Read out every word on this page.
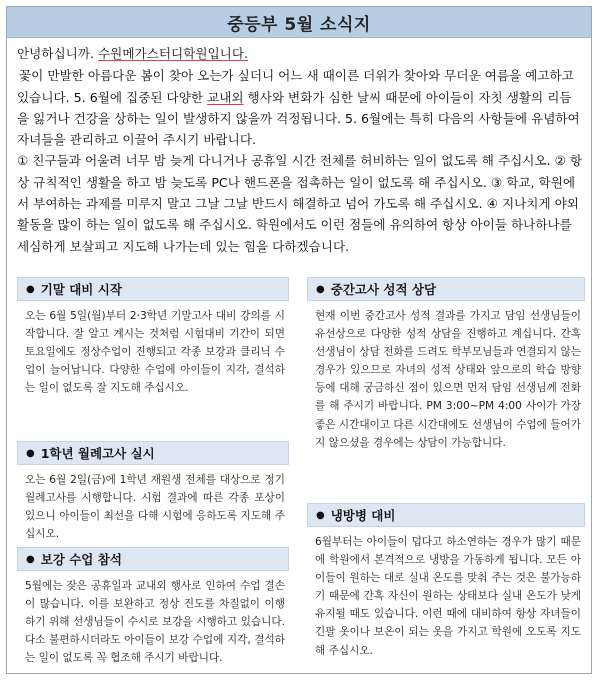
중등부 5월 소식지

안녕하십니까. 수원메가스터디학원입니다.

꽃이 만발한 아름다운 봄이 찾아 오는가 싶더니 어느 새 때이른 더위가 찾아와 무더운 여름을 예고하고 있습니다. 5. 6월에 집중된 다양한 교내외 행사와 변화가 심한 날씨 때문에 아이들이 자칫 생활의 리듬을 잃거나 건강을 상하는 일이 발생하지 않을까 걱정됩니다. 5. 6월에는 특히 다음의 사항들에 유념하여 자녀들을 관리하고 이끌어 주시기 바랍니다.

① 친구들과 어울려 너무 밤 늦게 다니거나 공휴일 시간 전체를 허비하는 일이 없도록 해 주십시오. ② 항상 규칙적인 생활을 하고 밤 늦도록 PC나 핸드폰을 접촉하는 일이 없도록 해 주십시오. ③ 학교, 학원에서 부여하는 과제를 미루지 말고 그날 그날 반드시 해결하고 넘어 가도록 해 주십시오. ④ 지나치게 야외 활동을 많이 하는 일이 없도록 해 주십시오. 학원에서도 이런 점들에 유의하여 항상 아이들 하나하나를 세심하게 보살피고 지도해 나가는데 있는 힘을 다하겠습니다.

● 기말 대비 시작
오는 6월 5일(월)부터 2·3학년 기말고사 대비 강의를 시작합니다. 잘 알고 계시는 것처럼 시험대비 기간이 되면 토요일에도 정상수업이 진행되고 각종 보강과 클리닉 수업이 늘어납니다. 다양한 수업에 아이들이 지각, 결석하는 일이 없도록 잘 지도해 주십시오.
● 1학년 월례고사 실시
오는 6월 2일(금)에 1학년 재원생 전체를 대상으로 정기 월례고사를 시행합니다. 시험 결과에 따른 각종 포상이 있으니 아이들이 최선을 다해 시험에 응하도록 지도해 주십시오.
● 보강 수업 참석
5월에는 잦은 공휴일과 교내외 행사로 인하여 수업 결손이 많습니다. 이를 보완하고 정상 진도를 차질없이 이행하기 위해 선생님들이 수시로 보강을 시행하고 있습니다. 다소 불편하시더라도 아이들이 보강 수업에 지각, 결석하는 일이 없도록 꼭 협조해 주시기 바랍니다.
● 중간고사 성적 상담
현재 이번 중간고사 성적 결과를 가지고 담임 선생님들이 유선상으로 다양한 성적 상담을 진행하고 계십니다. 간혹 선생님이 상담 전화를 드려도 학부모님들과 연결되지 않는 경우가 있으므로 자녀의 성적 상태와 앞으로의 학습 방향 등에 대해 궁금하신 점이 있으면 먼저 담임 선생님께 전화를 해 주시기 바랍니다. PM 3:00~PM 4:00 사이가 가장 좋은 시간대이고 다른 시간대에도 선생님이 수업에 들어가지 않으셨을 경우에는 상담이 가능합니다.
● 냉방병 대비
6월부터는 아이들이 덥다고 하소연하는 경우가 많기 때문에 학원에서 본격적으로 냉방을 가동하게 됩니다. 모든 아이들이 원하는 대로 실내 온도를 맞춰 주는 것은 불가능하기 때문에 간혹 자신이 원하는 상태보다 실내 온도가 낮게 유지될 때도 있습니다. 이런 때에 대비하여 항상 자녀들이 긴팔 옷이나 보온이 되는 옷을 가지고 학원에 오도록 지도해 주십시오.
